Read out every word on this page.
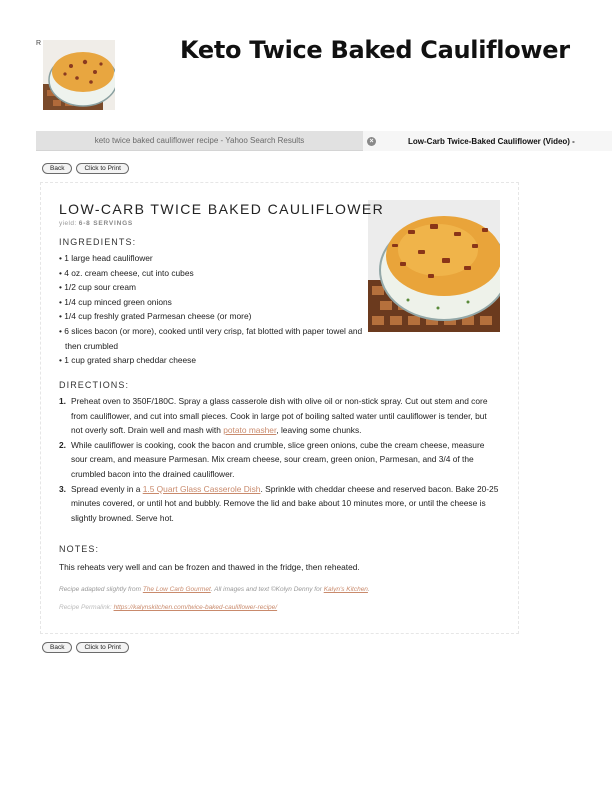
R	Keto Twice Baked Cauliflower
keto twice baked cauliflower recipe - Yahoo Search Results	×	Low-Carb Twice-Baked Cauliflower (Video) -
Back	Click to Print
LOW-CARB TWICE BAKED CAULIFLOWER
yield: 6-8 SERVINGS
INGREDIENTS:
• 1 large head cauliflower
• 4 oz. cream cheese, cut into cubes
• 1/2 cup sour cream
• 1/4 cup minced green onions
• 1/4 cup freshly grated Parmesan cheese (or more)
• 6 slices bacon (or more), cooked until very crisp, fat blotted with paper towel and then crumbled
• 1 cup grated sharp cheddar cheese
DIRECTIONS:
1. Preheat oven to 350F/180C. Spray a glass casserole dish with olive oil or non-stick spray. Cut out stem and core from cauliflower, and cut into small pieces. Cook in large pot of boiling salted water until cauliflower is tender, but not overly soft. Drain well and mash with potato masher, leaving some chunks.
2. While cauliflower is cooking, cook the bacon and crumble, slice green onions, cube the cream cheese, measure sour cream, and measure Parmesan. Mix cream cheese, sour cream, green onion, Parmesan, and 3/4 of the crumbled bacon into the drained cauliflower.
3. Spread evenly in a 1.5 Quart Glass Casserole Dish. Sprinkle with cheddar cheese and reserved bacon. Bake 20-25 minutes covered, or until hot and bubbly. Remove the lid and bake about 10 minutes more, or until the cheese is slightly browned. Serve hot.
NOTES:
This reheats very well and can be frozen and thawed in the fridge, then reheated.
Recipe adapted slightly from The Low Carb Gourmet. All images and text ©Kolyn Denny for Kalyn's Kitchen.
Recipe Permalink: https://kalynskitchen.com/twice-baked-cauliflower-recipe/
Back	Click to Print
